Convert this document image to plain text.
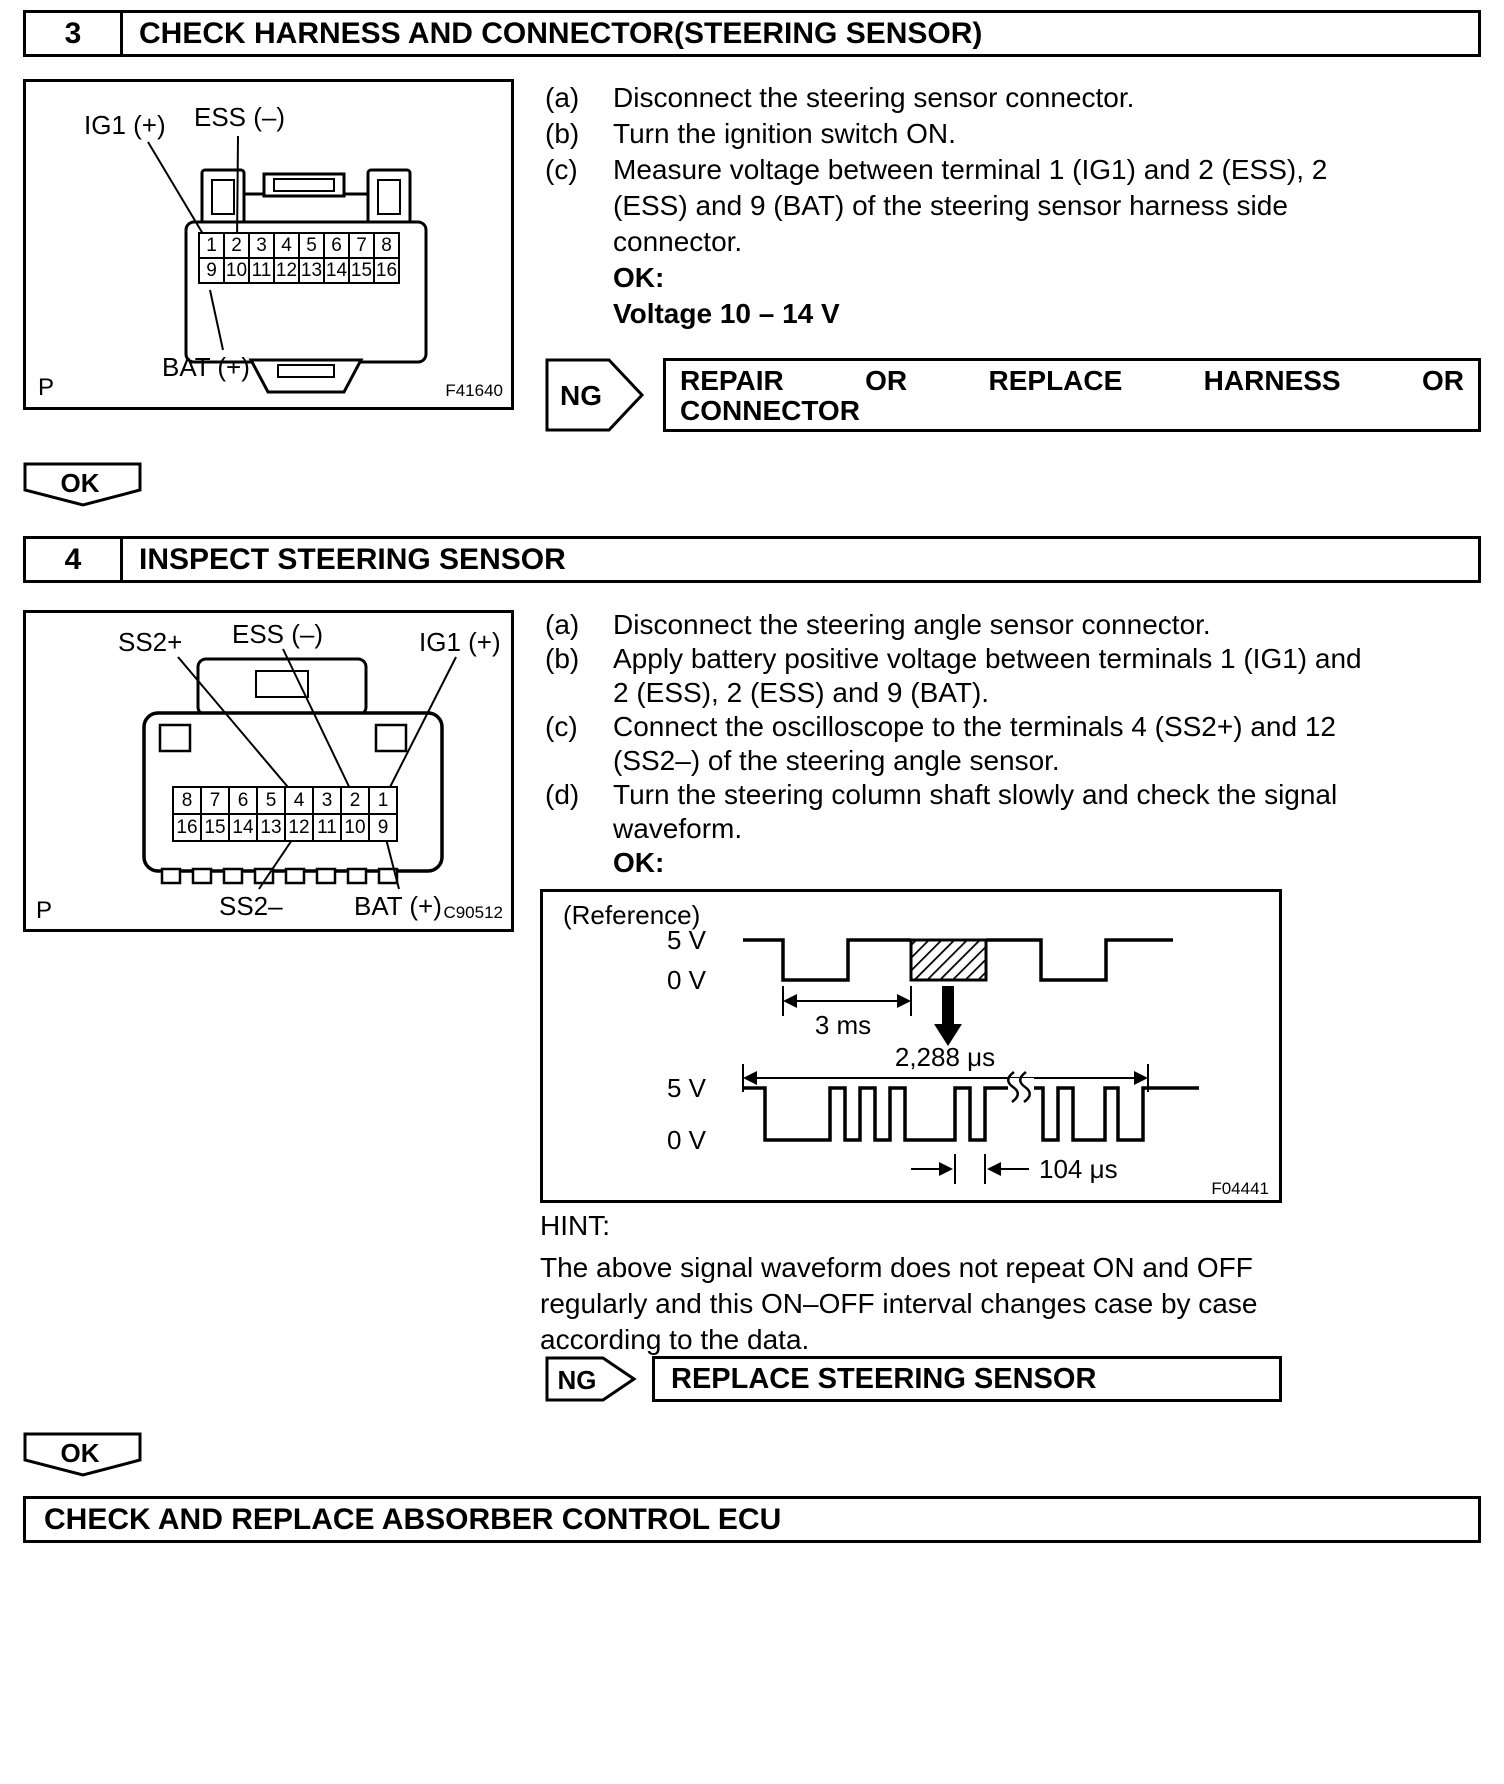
3	CHECK HARNESS AND CONNECTOR(STEERING SENSOR)
1 2 3 4 5 6 7 8
9 10 11 12 13 14 15 16
IG1 (+) ESS (–)
BAT (+)
P	F41640
(a)	Disconnect the steering sensor connector.
(b)	Turn the ignition switch ON.
(c)	Measure voltage between terminal 1 (IG1) and 2 (ESS), 2 (ESS) and 9 (BAT) of the steering sensor harness side connector.
OK:
Voltage 10 – 14 V
NG	REPAIR OR REPLACE HARNESS OR
CONNECTOR
OK
4	INSPECT STEERING SENSOR
8 7 6 5 4 3 2 1
16 15 14 13 12 11 10 9
SS2+ ESS (–)	IG1 (+)
SS2–	BAT (+)
P	C90512
(a)	Disconnect the steering angle sensor connector.
(b)	Apply battery positive voltage between terminals 1 (IG1) and 2 (ESS), 2 (ESS) and 9 (BAT).
(c)	Connect the oscilloscope to the terminals 4 (SS2+) and 12 (SS2–) of the steering angle sensor.
(d)	Turn the steering column shaft slowly and check the signal waveform.
OK:
(Reference)
5 V
0 V
3 ms
2,288 μs
5 V
0 V
104 μs
F04441
HINT:
The above signal waveform does not repeat ON and OFF regularly and this ON–OFF interval changes case by case according to the data.
NG	REPLACE STEERING SENSOR
OK
CHECK AND REPLACE ABSORBER CONTROL ECU
